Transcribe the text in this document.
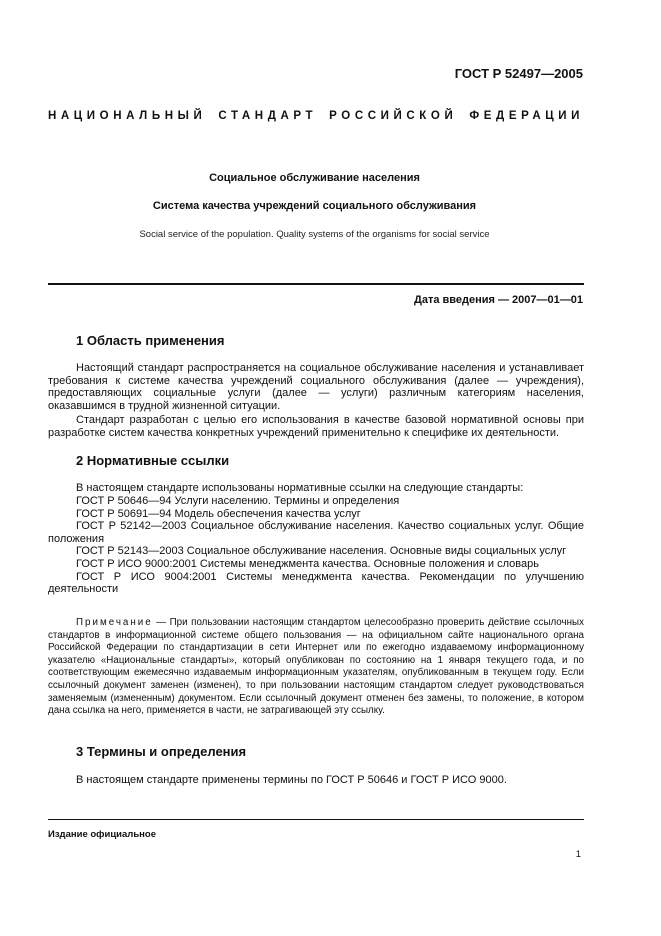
ГОСТ Р 52497—2005
НАЦИОНАЛЬНЫЙ СТАНДАРТ РОССИЙСКОЙ ФЕДЕРАЦИИ
Социальное обслуживание населения
Система качества учреждений социального обслуживания
Social service of the population. Quality systems of the organisms for social service
Дата введения — 2007—01—01
1 Область применения
Настоящий стандарт распространяется на социальное обслуживание населения и устанавливает требования к системе качества учреждений социального обслуживания (далее — учреждения), предоставляющих социальные услуги (далее — услуги) различным категориям населения, оказавшимся в трудной жизненной ситуации.
Стандарт разработан с целью его использования в качестве базовой нормативной основы при разработке систем качества конкретных учреждений применительно к специфике их деятельности.
2 Нормативные ссылки
В настоящем стандарте использованы нормативные ссылки на следующие стандарты:

ГОСТ Р 50646—94 Услуги населению. Термины и определения

ГОСТ Р 50691—94 Модель обеспечения качества услуг

ГОСТ Р 52142—2003 Социальное обслуживание населения. Качество социальных услуг. Общие положения

ГОСТ Р 52143—2003 Социальное обслуживание населения. Основные виды социальных услуг

ГОСТ Р ИСО 9000:2001 Системы менеджмента качества. Основные положения и словарь

ГОСТ Р ИСО 9004:2001 Системы менеджмента качества. Рекомендации по улучшению деятельности

Примечание — При пользовании настоящим стандартом целесообразно проверить действие ссылочных стандартов в информационной системе общего пользования — на официальном сайте национального органа Российской Федерации по стандартизации в сети Интернет или по ежегодно издаваемому информационному указателю «Национальные стандарты», который опубликован по состоянию на 1 января текущего года, и по соответствующим ежемесячно издаваемым информационным указателям, опубликованным в текущем году. Если ссылочный документ заменен (изменен), то при пользовании настоящим стандартом следует руководствоваться заменяемым (измененным) документом. Если ссылочный документ отменен без замены, то положение, в котором дана ссылка на него, применяется в части, не затрагивающей эту ссылку.
3 Термины и определения
В настоящем стандарте применены термины по ГОСТ Р 50646 и ГОСТ Р ИСО 9000.
Издание официальное
1
